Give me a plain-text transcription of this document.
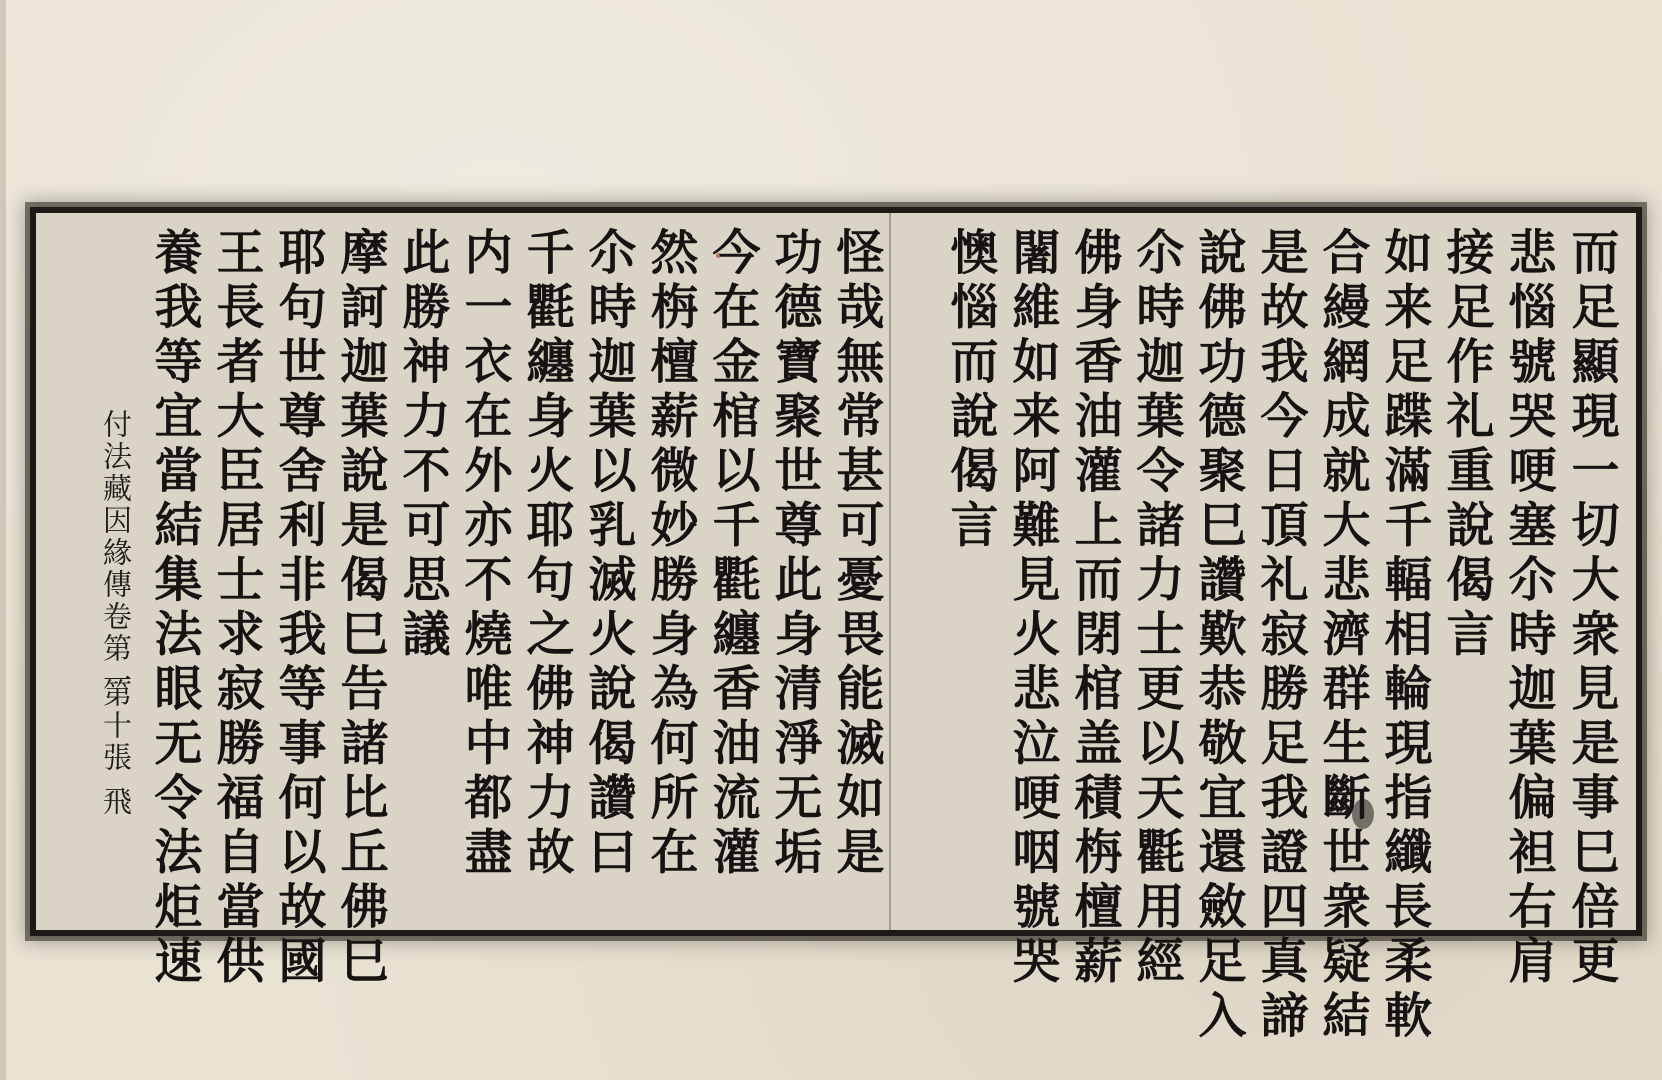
而足顯現一切大衆見是事巳倍更
悲惱號哭哽塞尒時迦葉偏袒右肩
接足作礼重說偈言
如来足蹀滿千輻相輪現指纖長柔軟
合縵網成就大悲濟群生斷世衆疑結
是故我今日頂礼寂勝足我證四真諦
說佛功德聚巳讚歎恭敬宜還斂足入
尒時迦葉令諸力士更以天氍用經
佛身香油灌上而閉棺盖積栴檀薪
闍維如来阿難見火悲泣哽咽號哭
懊惱而說偈言
怪哉無常甚可憂畏能滅如是
功德寶聚世尊此身清淨无垢
今在金棺以千氍纏香油流灌
然栴檀薪微妙勝身為何所在
尒時迦葉以乳滅火說偈讚曰
千氍纏身火耶句之佛神力故
内一衣在外亦不燒唯中都盡
此勝神力不可思議
摩訶迦葉說是偈巳告諸比丘佛巳
耶句世尊舍利非我等事何以故國
王長者大臣居士求寂勝福自當供
養我等宜當結集法眼无令法炬速
付法藏因緣傳卷第一
第十張 飛
